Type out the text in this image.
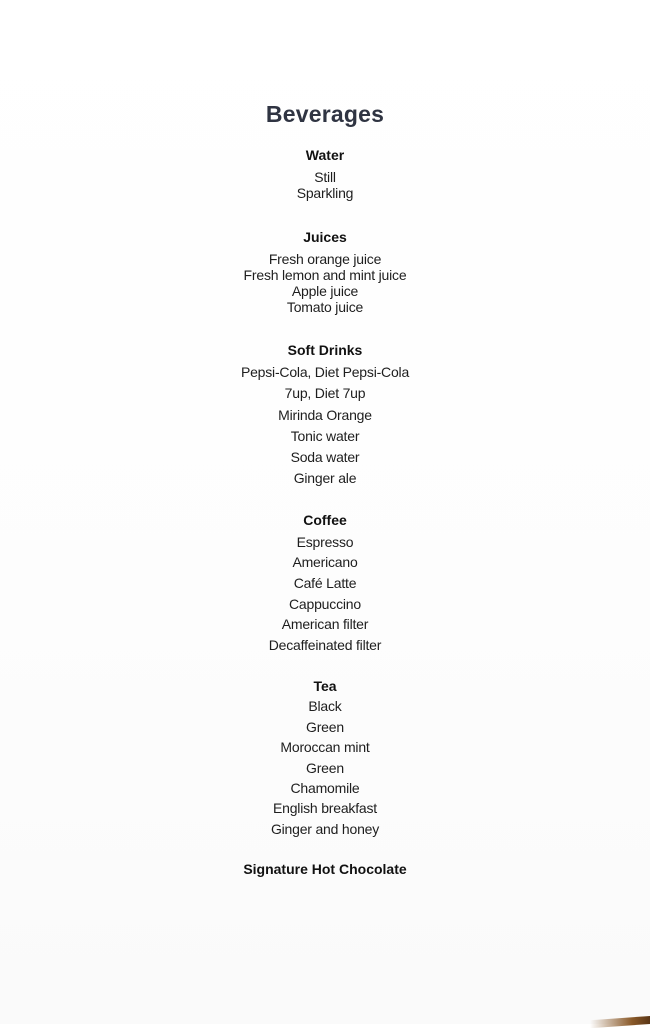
Beverages
Water
Still
Sparkling
Juices
Fresh orange juice
Fresh lemon and mint juice
Apple juice
Tomato juice
Soft Drinks
Pepsi-Cola, Diet Pepsi-Cola
7up, Diet 7up
Mirinda Orange
Tonic water
Soda water
Ginger ale
Coffee
Espresso
Americano
Café Latte
Cappuccino
American filter
Decaffeinated filter
Tea
Black
Green
Moroccan mint
Green
Chamomile
English breakfast
Ginger and honey
Signature Hot Chocolate
